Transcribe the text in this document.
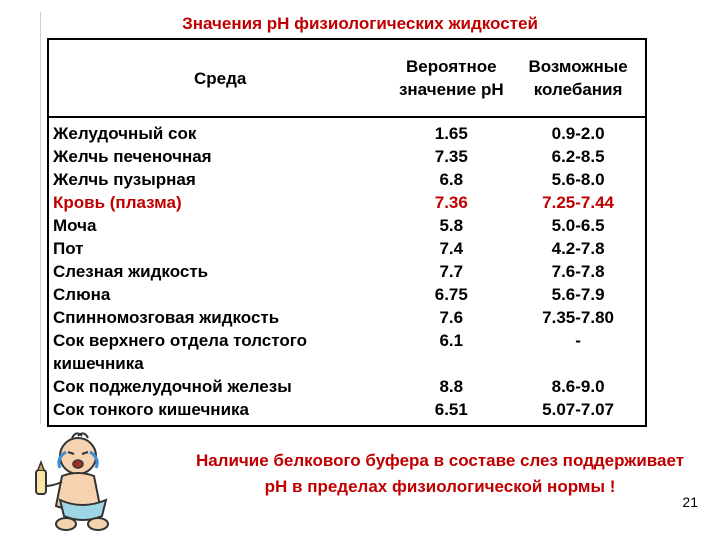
Значения рН физиологических жидкостей
Среда	Вероятное значение рН	Возможные колебания
Желудочный сок	1.65	0.9-2.0
Желчь печеночная	7.35	6.2-8.5
Желчь пузырная	6.8	5.6-8.0
Кровь (плазма)	7.36	7.25-7.44
Моча	5.8	5.0-6.5
Пот	7.4	4.2-7.8
Слезная жидкость	7.7	7.6-7.8
Слюна	6.75	5.6-7.9
Спинномозговая жидкость	7.6	7.35-7.80
Сок верхнего отдела толстого кишечника	6.1	-
Сок поджелудочной железы	8.8	8.6-9.0
Сок тонкого кишечника	6.51	5.07-7.07
Наличие белкового буфера в составе слез поддерживает рН в пределах физиологической нормы !
21
